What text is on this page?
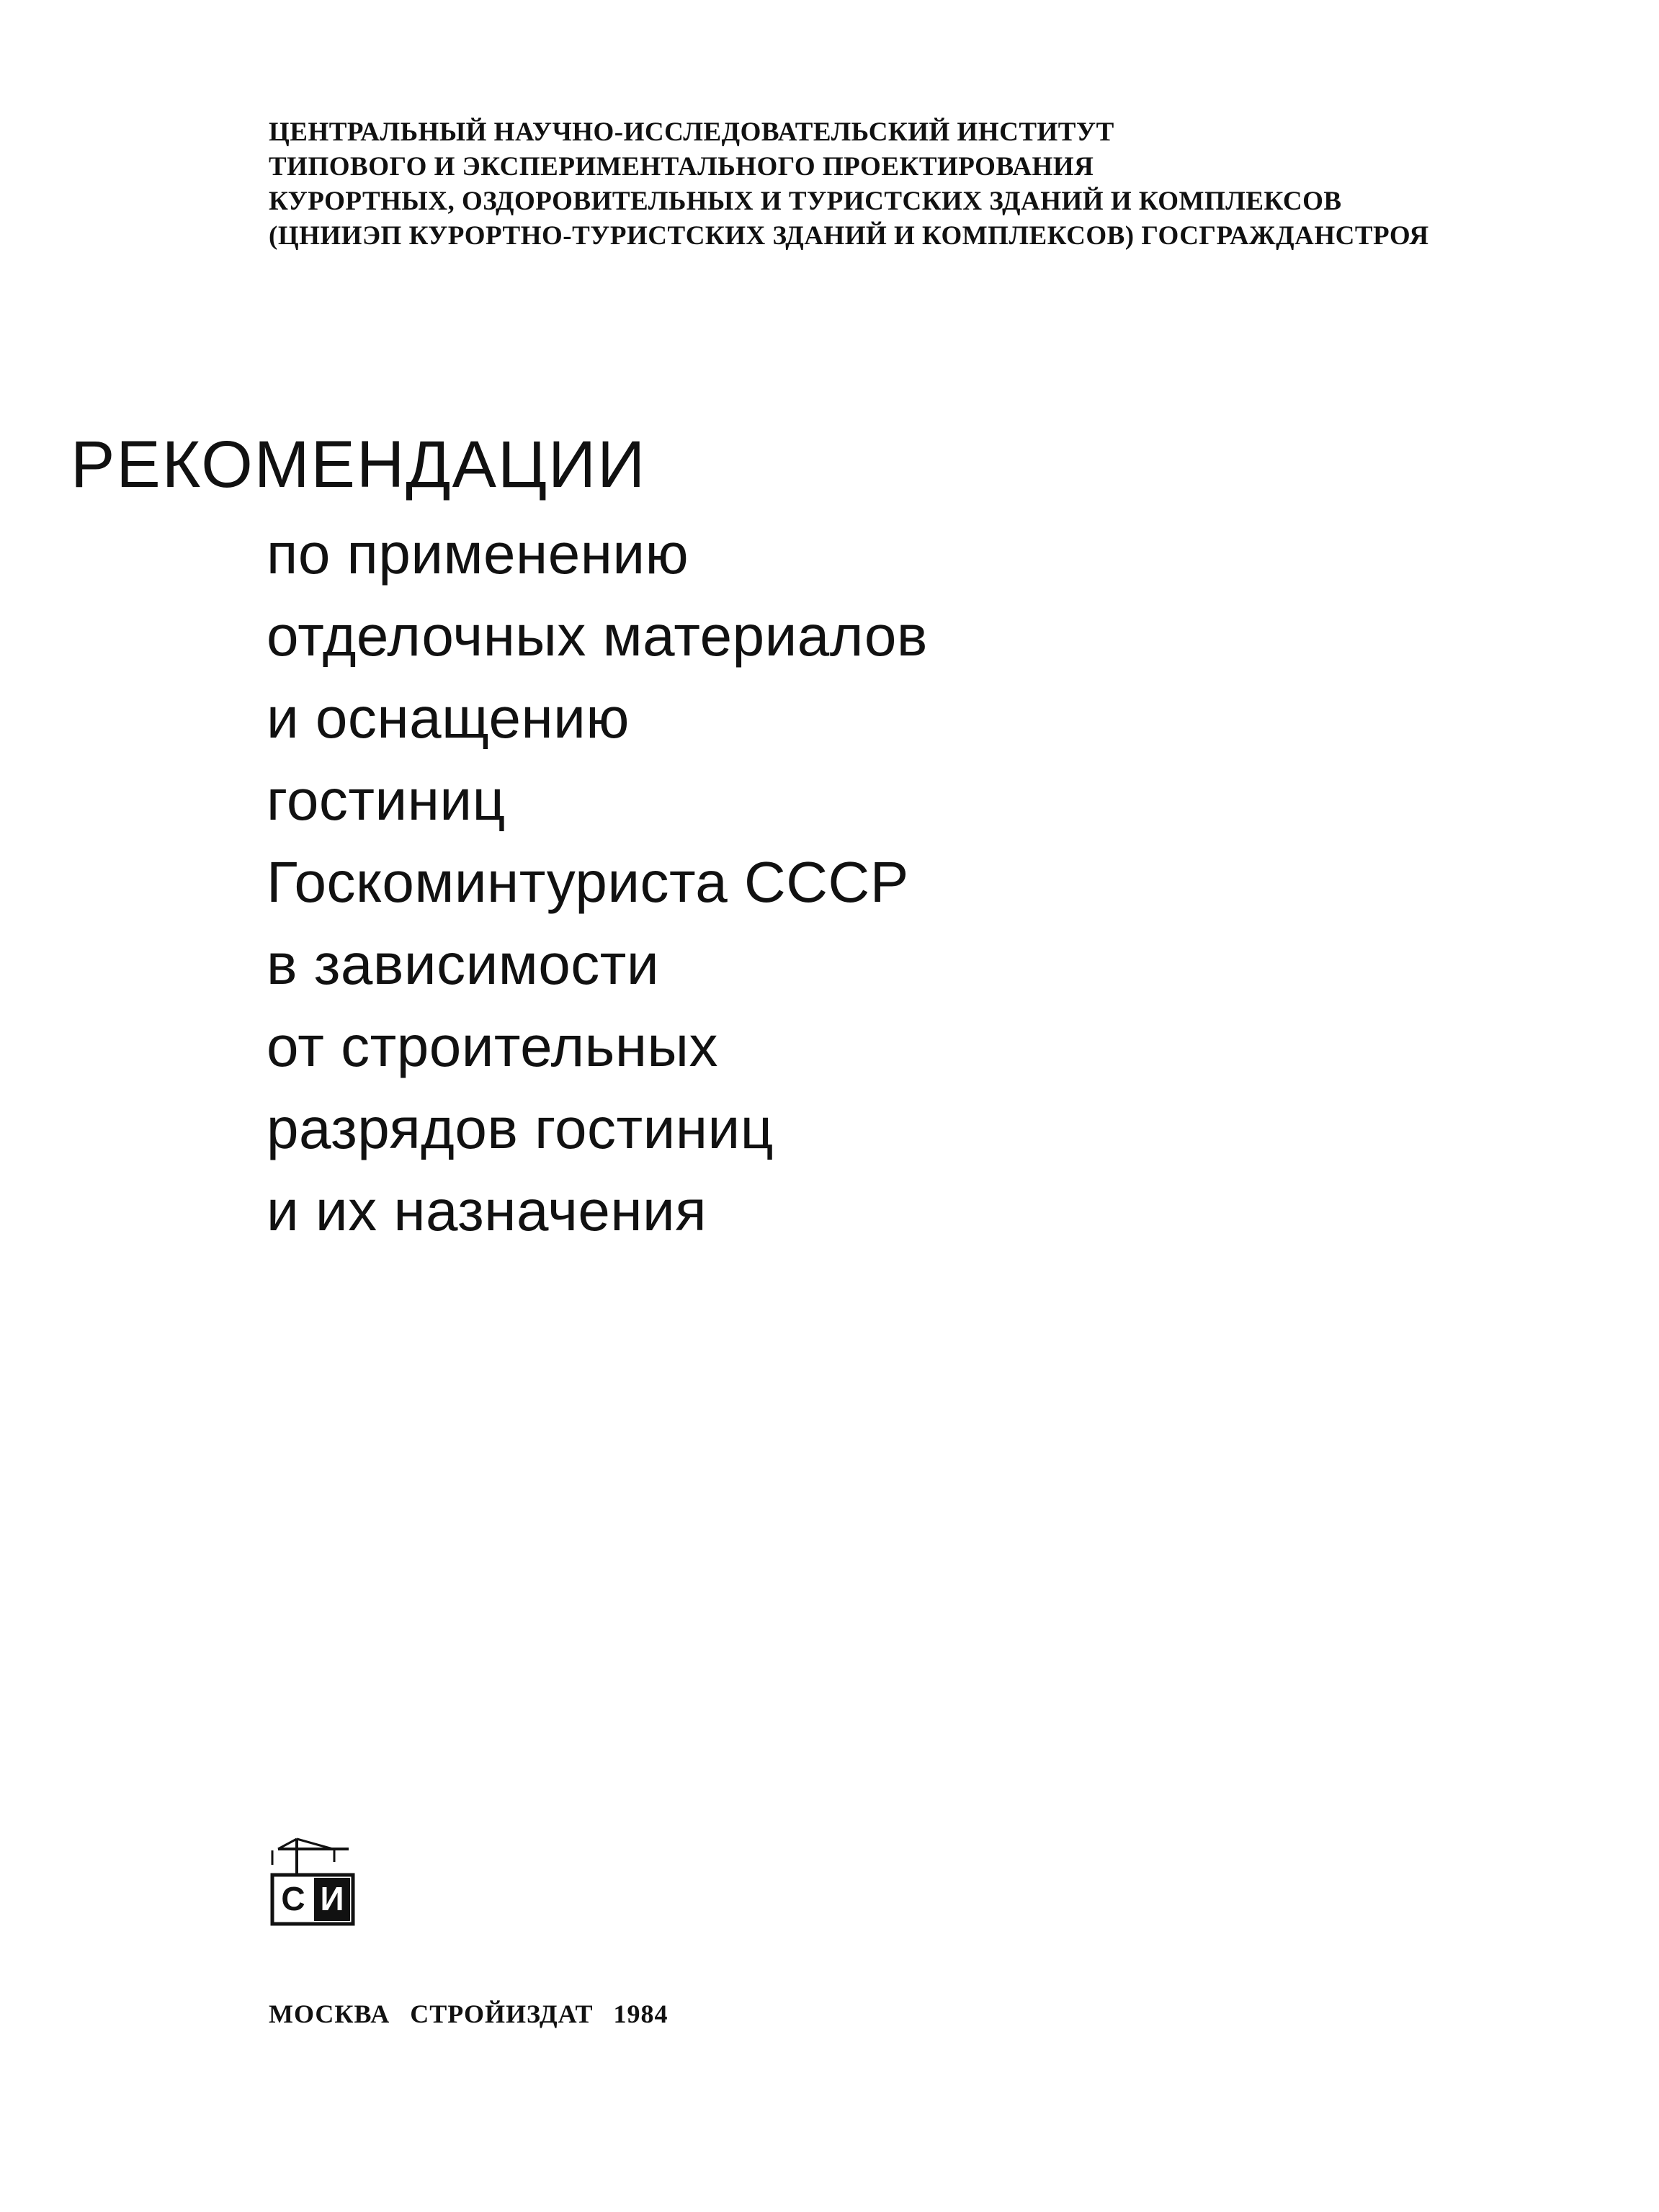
ЦЕНТРАЛЬНЫЙ НАУЧНО-ИССЛЕДОВАТЕЛЬСКИЙ ИНСТИТУТ
ТИПОВОГО И ЭКСПЕРИМЕНТАЛЬНОГО ПРОЕКТИРОВАНИЯ
КУРОРТНЫХ, ОЗДОРОВИТЕЛЬНЫХ И ТУРИСТСКИХ ЗДАНИЙ И КОМПЛЕКСОВ
(ЦНИИЭП КУРОРТНО-ТУРИСТСКИХ ЗДАНИЙ И КОМПЛЕКСОВ) ГОСГРАЖДАНСТРОЯ
РЕКОМЕНДАЦИИ
по применению
отделочных материалов
и оснащению
гостиниц
Госкоминтуриста СССР
в зависимости
от строительных
разрядов гостиниц
и их назначения
С И
МОСКВА СТРОЙИЗДАТ 1984
